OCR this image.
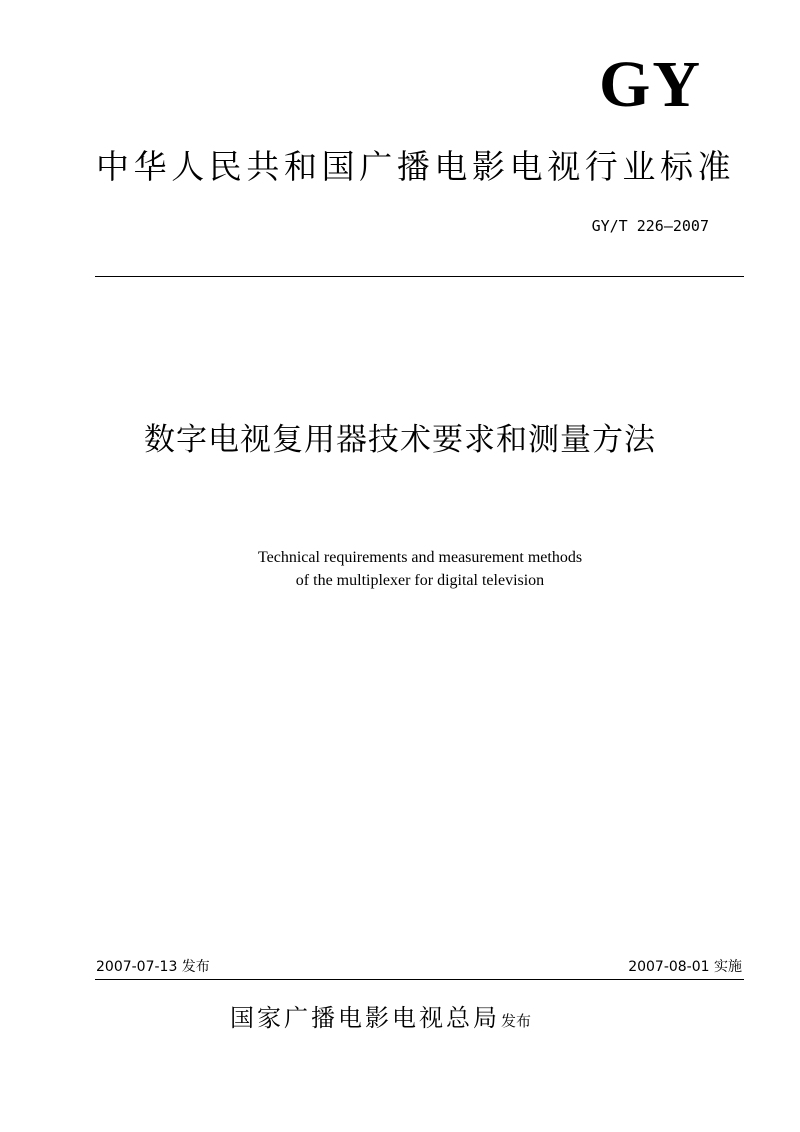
GY
中华人民共和国广播电影电视行业标准
GY/T 226—2007
数字电视复用器技术要求和测量方法
Technical requirements and measurement methods
of the multiplexer for digital television
2007-07-13 发布	2007-08-01 实施
国家广播电影电视总局发布
